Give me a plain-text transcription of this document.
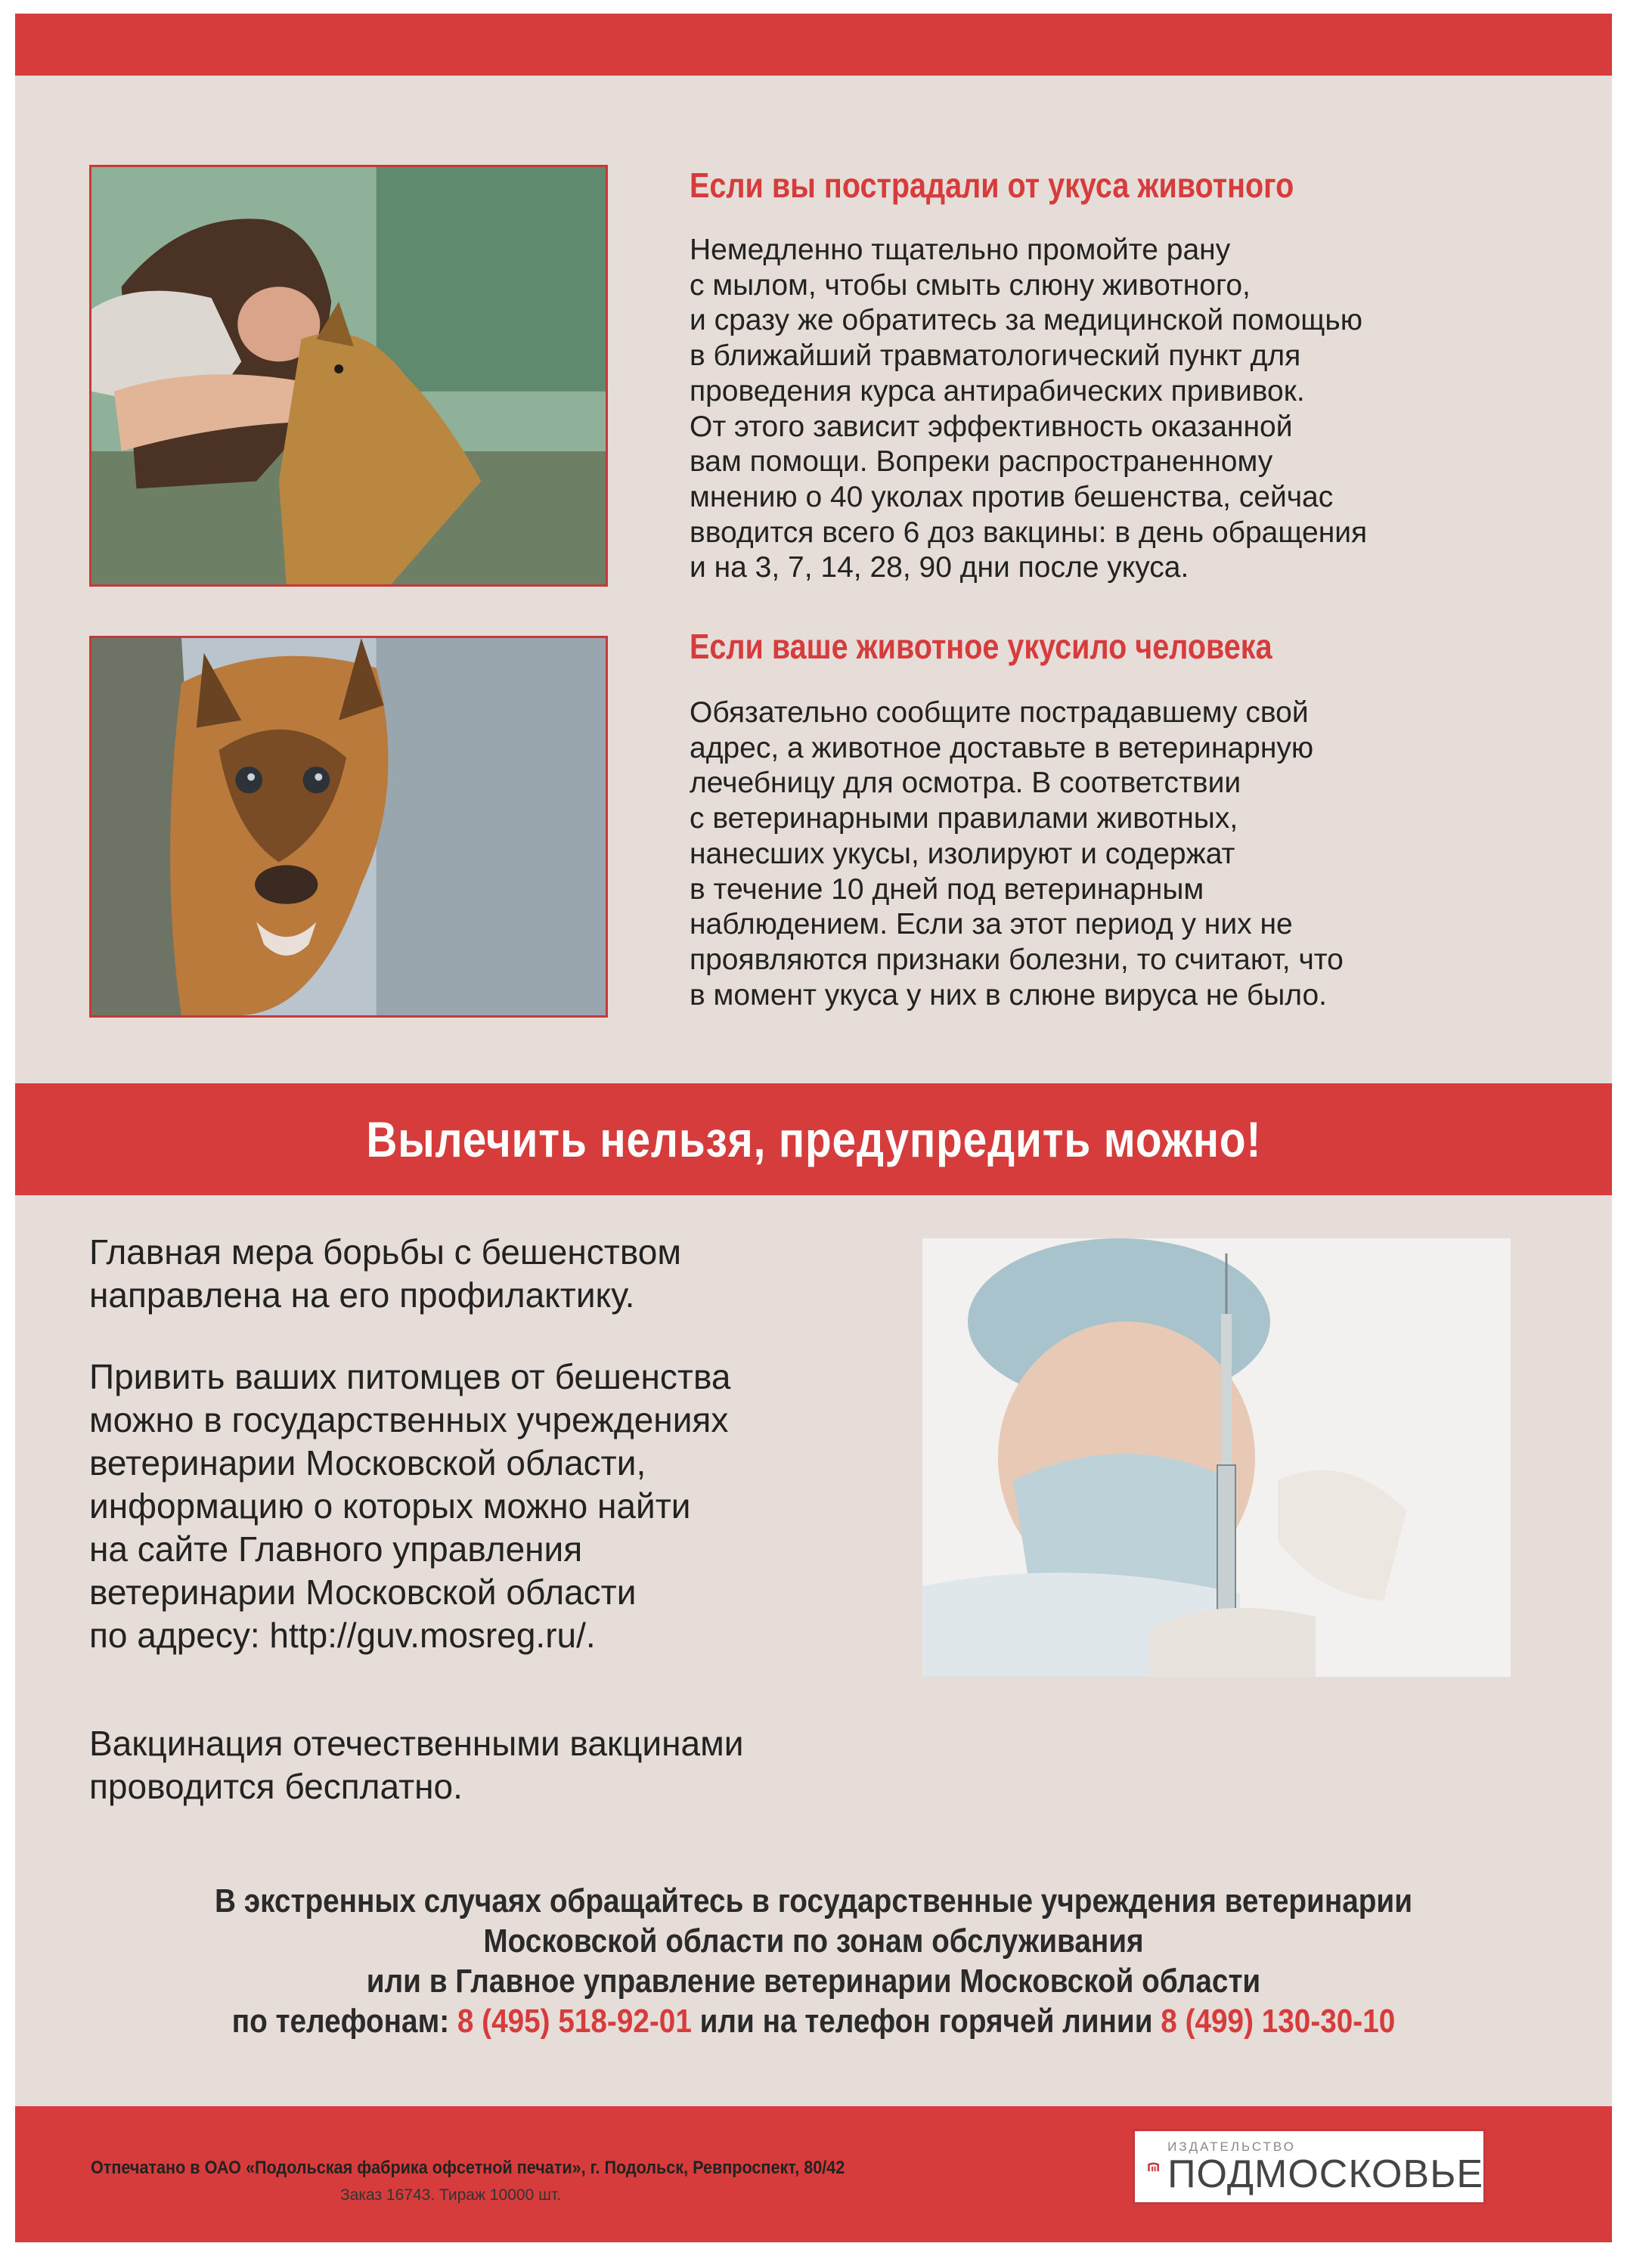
Если вы пострадали от укуса животного

Немедленно тщательно промойте рану
с мылом, чтобы смыть слюну животного,
и сразу же обратитесь за медицинской помощью
в ближайший травматологический пункт для
проведения курса антирабических прививок.
От этого зависит эффективность оказанной
вам помощи. Вопреки распространенному
мнению о 40 уколах против бешенства, сейчас
вводится всего 6 доз вакцины: в день обращения
и на 3, 7, 14, 28, 90 дни после укуса.

Если ваше животное укусило человека

Обязательно сообщите пострадавшему свой
адрес, а животное доставьте в ветеринарную
лечебницу для осмотра. В соответствии
с ветеринарными правилами животных,
нанесших укусы, изолируют и содержат
в течение 10 дней под ветеринарным
наблюдением. Если за этот период у них не
проявляются признаки болезни, то считают, что
в момент укуса у них в слюне вируса не было.

Вылечить нельзя, предупредить можно!

Главная мера борьбы с бешенством
направлена на его профилактику.

Привить ваших питомцев от бешенства
можно в государственных учреждениях
ветеринарии Московской области,
информацию о которых можно найти
на сайте Главного управления
ветеринарии Московской области
по адресу: http://guv.mosreg.ru/.

Вакцинация отечественными вакцинами
проводится бесплатно.

В экстренных случаях обращайтесь в государственные учреждения ветеринарии
Московской области по зонам обслуживания
или в Главное управление ветеринарии Московской области
по телефонам: 8 (495) 518-92-01 или на телефон горячей линии 8 (499) 130-30-10
Отпечатано в ОАО «Подольская фабрика офсетной печати», г. Подольск, Ревпроспект, 80/42
Заказ 16743. Тираж 10000 шт.
ИЗДАТЕЛЬСТВО
ПОДМОСКОВЬЕ
